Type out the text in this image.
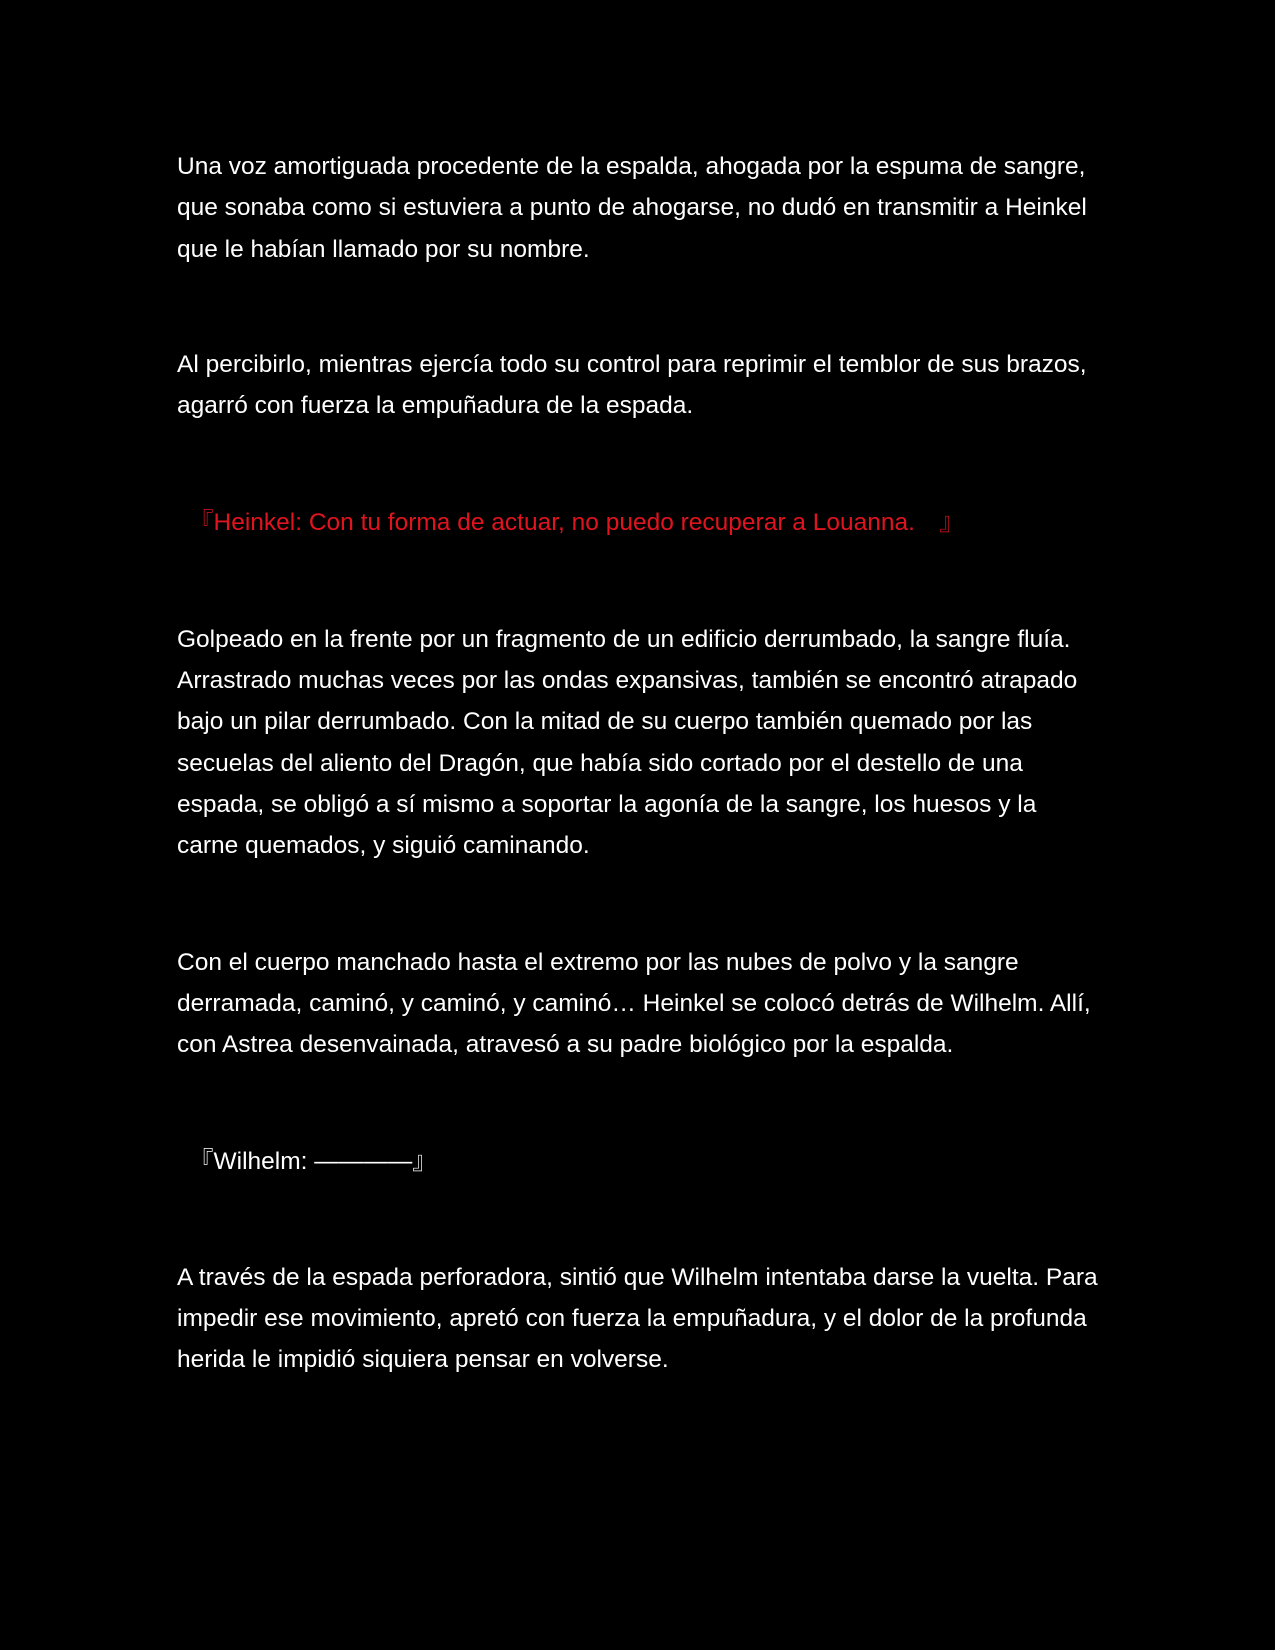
Una voz amortiguada procedente de la espalda, ahogada por la espuma de sangre, que sonaba como si estuviera a punto de ahogarse, no dudó en transmitir a Heinkel que le habían llamado por su nombre.

Al percibirlo, mientras ejercía todo su control para reprimir el temblor de sus brazos, agarró con fuerza la empuñadura de la espada.

『Heinkel: Con tu forma de actuar, no puedo recuperar a Louanna.　』

Golpeado en la frente por un fragmento de un edificio derrumbado, la sangre fluía. Arrastrado muchas veces por las ondas expansivas, también se encontró atrapado bajo un pilar derrumbado. Con la mitad de su cuerpo también quemado por las secuelas del aliento del Dragón, que había sido cortado por el destello de una espada, se obligó a sí mismo a soportar la agonía de la sangre, los huesos y la carne quemados, y siguió caminando.

Con el cuerpo manchado hasta el extremo por las nubes de polvo y la sangre derramada, caminó, y caminó, y caminó… Heinkel se colocó detrás de Wilhelm. Allí, con Astrea desenvainada, atravesó a su padre biológico por la espalda.

『Wilhelm: ————』

A través de la espada perforadora, sintió que Wilhelm intentaba darse la vuelta. Para impedir ese movimiento, apretó con fuerza la empuñadura, y el dolor de la profunda herida le impidió siquiera pensar en volverse.
